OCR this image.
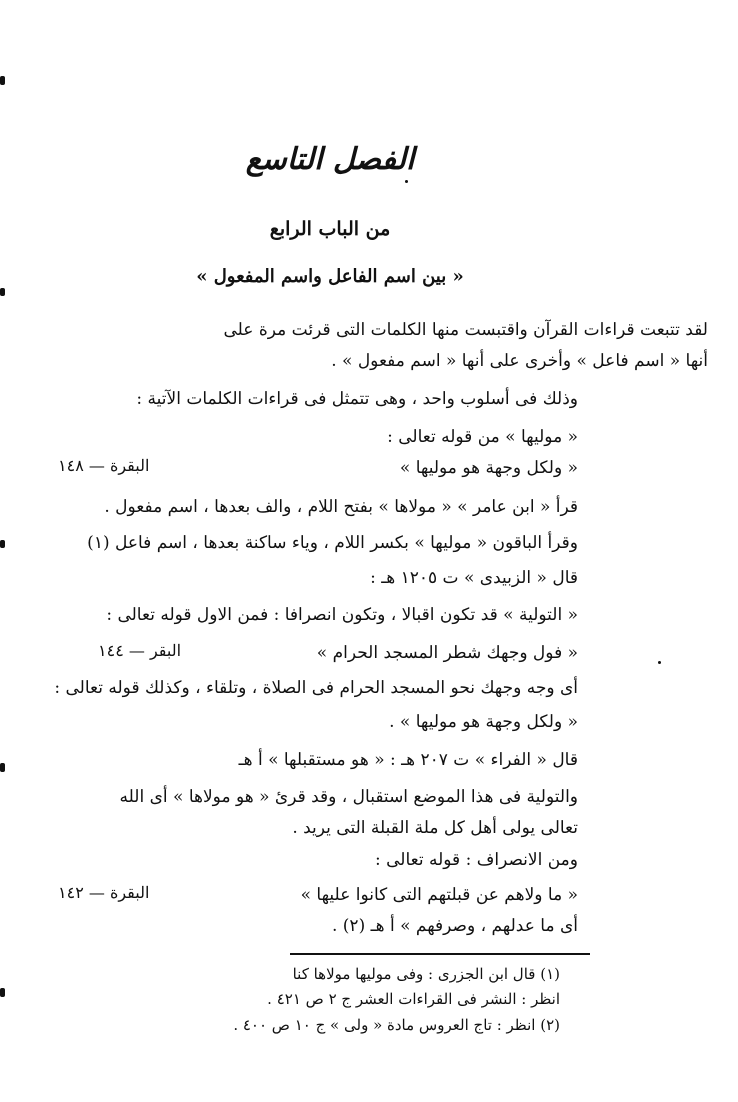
الفصل التاسع
من الباب الرابع
« بين اسم الفاعل واسم المفعول »
لقد تتبعت قراءات القرآن واقتبست منها الكلمات التى قرئت مرة على
أنها « اسم فاعل » وأخرى على أنها « اسم مفعول » .
وذلك فى أسلوب واحد ، وهى تتمثل فى قراءات الكلمات الآتية :
« موليها » من قوله تعالى :
« ولكل وجهة هو موليها »
البقرة — ١٤٨
قرأ « ابن عامر » « مولاها » بفتح اللام ، والف بعدها ، اسم مفعول .
وقرأ الباقون « موليها » بكسر اللام ، وياء ساكنة بعدها ، اسم فاعل (١)
قال « الزبيدى » ت ١٢٠٥ هـ :
« التولية » قد تكون اقبالا ، وتكون انصرافا : فمن الاول قوله تعالى :
« فول وجهك شطر المسجد الحرام »
البقر — ١٤٤
أى وجه وجهك نحو المسجد الحرام فى الصلاة ، وتلقاء ، وكذلك قوله تعالى :
« ولكل وجهة هو موليها » .
قال « الفراء » ت ٢٠٧ هـ : « هو مستقبلها » أ هـ
والتولية فى هذا الموضع استقبال ، وقد قرئ « هو مولاها » أى الله
تعالى يولى أهل كل ملة القبلة التى يريد .
ومن الانصراف : قوله تعالى :
« ما ولاهم عن قبلتهم التى كانوا عليها »
البقرة — ١٤٢
أى ما عدلهم ، وصرفهم » أ هـ (٢) .
(١) قال ابن الجزرى : وفى موليها مولاها كنا
انظر : النشر فى القراءات العشر ج ٢ ص ٤٢١ .
(٢) انظر : تاج العروس مادة « ولى » ج ١٠ ص ٤٠٠ .
